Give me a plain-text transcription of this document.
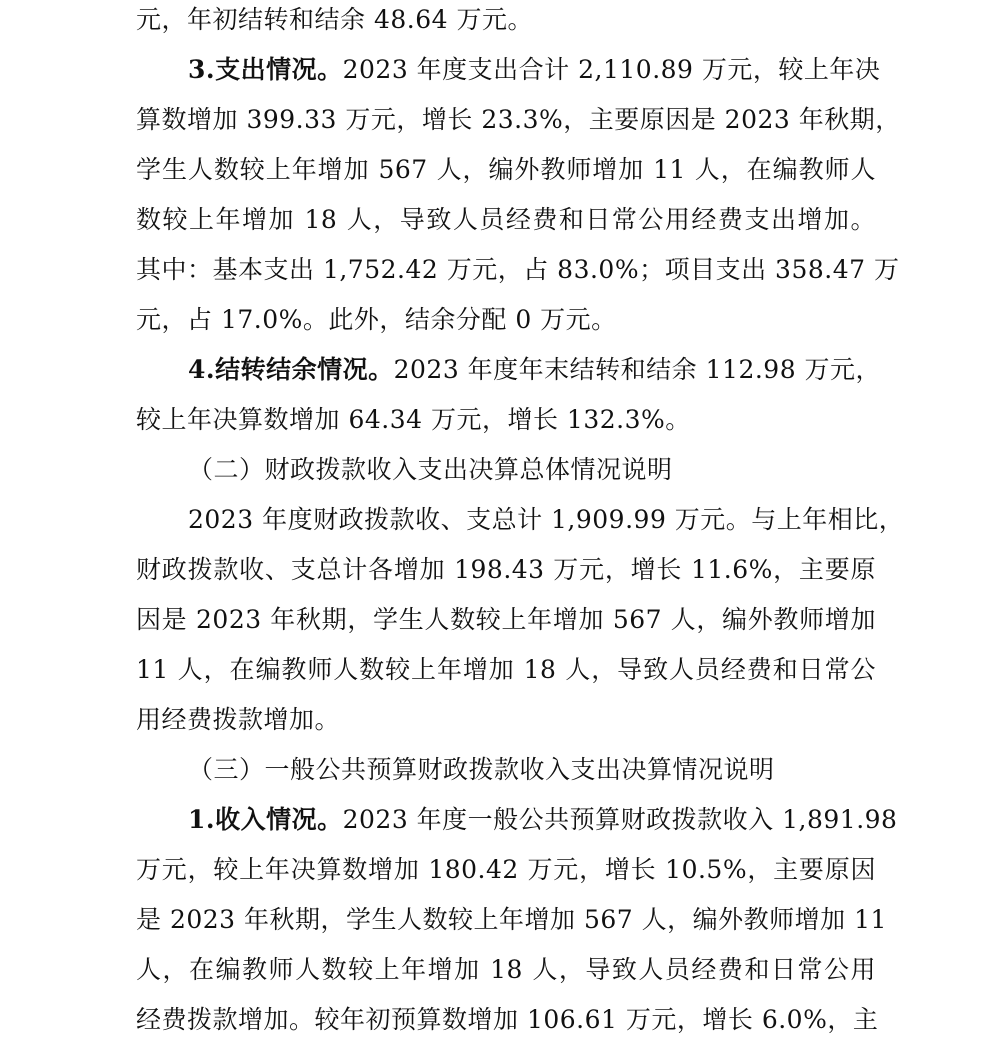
元，年初结转和结余 48.64 万元。
3.支出情况。2023 年度支出合计 2,110.89 万元，较上年决
算数增加 399.33 万元，增长 23.3%，主要原因是 2023 年秋期，
学生人数较上年增加 567 人，编外教师增加 11 人，在编教师人
数较上年增加 18 人，导致人员经费和日常公用经费支出增加。
其中：基本支出 1,752.42 万元，占 83.0%；项目支出 358.47 万
元，占 17.0%。此外，结余分配 0 万元。
4.结转结余情况。2023 年度年末结转和结余 112.98 万元，
较上年决算数增加 64.34 万元，增长 132.3%。
（二）财政拨款收入支出决算总体情况说明
2023 年度财政拨款收、支总计 1,909.99 万元。与上年相比，
财政拨款收、支总计各增加 198.43 万元，增长 11.6%，主要原
因是 2023 年秋期，学生人数较上年增加 567 人，编外教师增加
11 人，在编教师人数较上年增加 18 人，导致人员经费和日常公
用经费拨款增加。
（三）一般公共预算财政拨款收入支出决算情况说明
1.收入情况。2023 年度一般公共预算财政拨款收入 1,891.98
万元，较上年决算数增加 180.42 万元，增长 10.5%，主要原因
是 2023 年秋期，学生人数较上年增加 567 人，编外教师增加 11
人，在编教师人数较上年增加 18 人，导致人员经费和日常公用
经费拨款增加。较年初预算数增加 106.61 万元，增长 6.0%，主
